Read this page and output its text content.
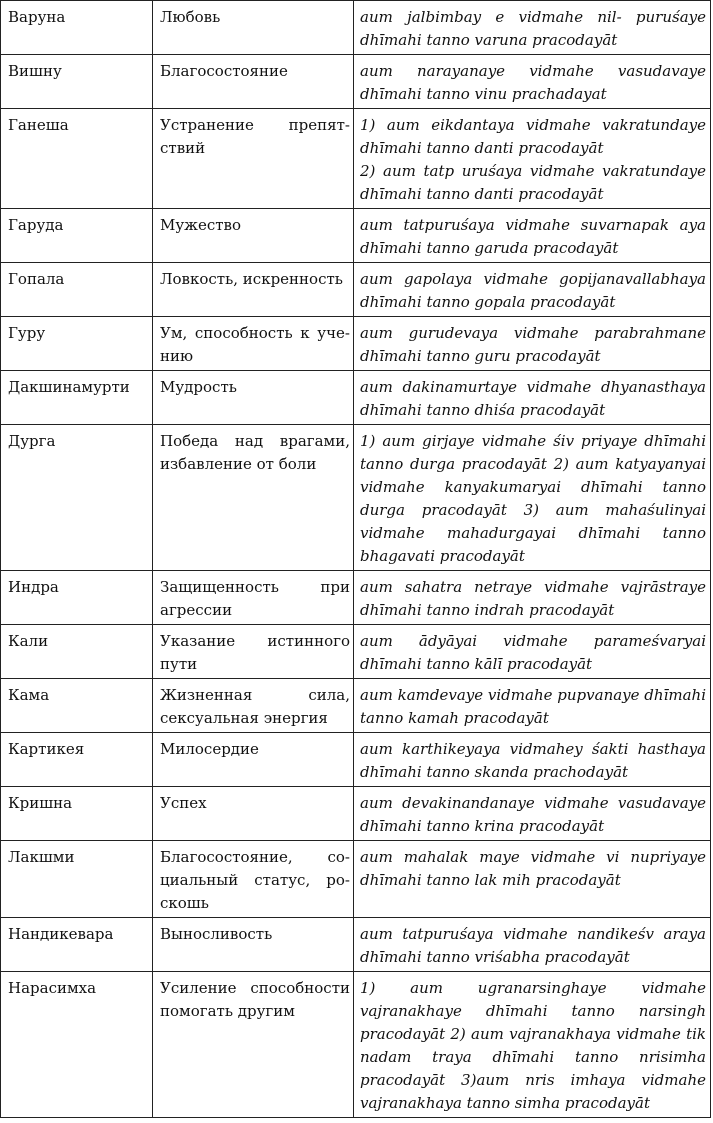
Варуна	Любовь	aum jalbimbay e vidmahe nil- puruśaye dhīmahi tanno varuna pracodayāt

Вишну	Благосостояние	aum narayanaye vidmahe vasudavaye dhīmahi tanno vinu prachadayat

Ганеша	Устранение препятствий	1) aum eikdantaya vidmahe vakratundaye dhīmahi tanno danti pracodayāt
2) aum tatp uruśaya vidmahe vakratundaye dhīmahi tanno danti pracodayāt

Гаруда	Мужество	aum tatpuruśaya vidmahe suvarnapak aya dhīmahi tanno garuda pracodayāt

Гопала	Ловкость, искренность	aum gapolaya vidmahe gopijanavallabhaya dhīmahi tanno gopala pracodayāt

Гуру	Ум, способность к учению	aum gurudevaya vidmahe parabrahmane dhīmahi tanno guru pracodayāt

Дакшинамурти	Мудрость	aum dakinamurtaye vidmahe dhyanasthaya dhīmahi tanno dhiśa pracodayāt

Дурга	Победа над врагами, избавление от боли	1) aum girjaye vidmahe śiv priyaye dhīmahi tanno durga pracodayāt 2) aum katyayanyai vidmahe kanyakumaryai dhīmahi tanno durga pracodayāt 3) aum mahaśulinyai vidmahe mahadurgayai dhīmahi tanno bhagavati pracodayāt

Индра	Защищенность при агрессии	aum sahatra netraye vidmahe vajrāstraye dhīmahi tanno indrah pracodayāt

Кали	Указание истинного пути	aum ādyāyai vidmahe parameśvaryai dhīmahi tanno kālī pracodayāt

Кама	Жизненная сила, сексуальная энергия	aum kamdevaye vidmahe pupvanaye dhīmahi tanno kamah pracodayāt

Картикея	Милосердие	aum karthikeyaya vidmahey śakti hasthaya dhīmahi tanno skanda prachodayāt

Кришна	Успех	aum devakinandanaye vidmahe vasudavaye dhīmahi tanno krina pracodayāt

Лакшми	Благосостояние, социальный статус, роскошь	aum mahalak maye vidmahe vi nupriyaye dhīmahi tanno lak mih pracodayāt

Нандикевара	Выносливость	aum tatpuruśaya vidmahe nandikeśv araya dhīmahi tanno vriśabha pracodayāt

Нарасимха	Усиление способности помогать другим	1) aum ugranarsinghaye vidmahe vajranakhaye dhīmahi tanno narsingh pracodayāt 2) aum vajranakhaya vidmahe tik nadam traya dhīmahi tanno nrisimha pracodayāt 3)aum nris imhaya vidmahe vajranakhaya tanno simha pracodayāt
